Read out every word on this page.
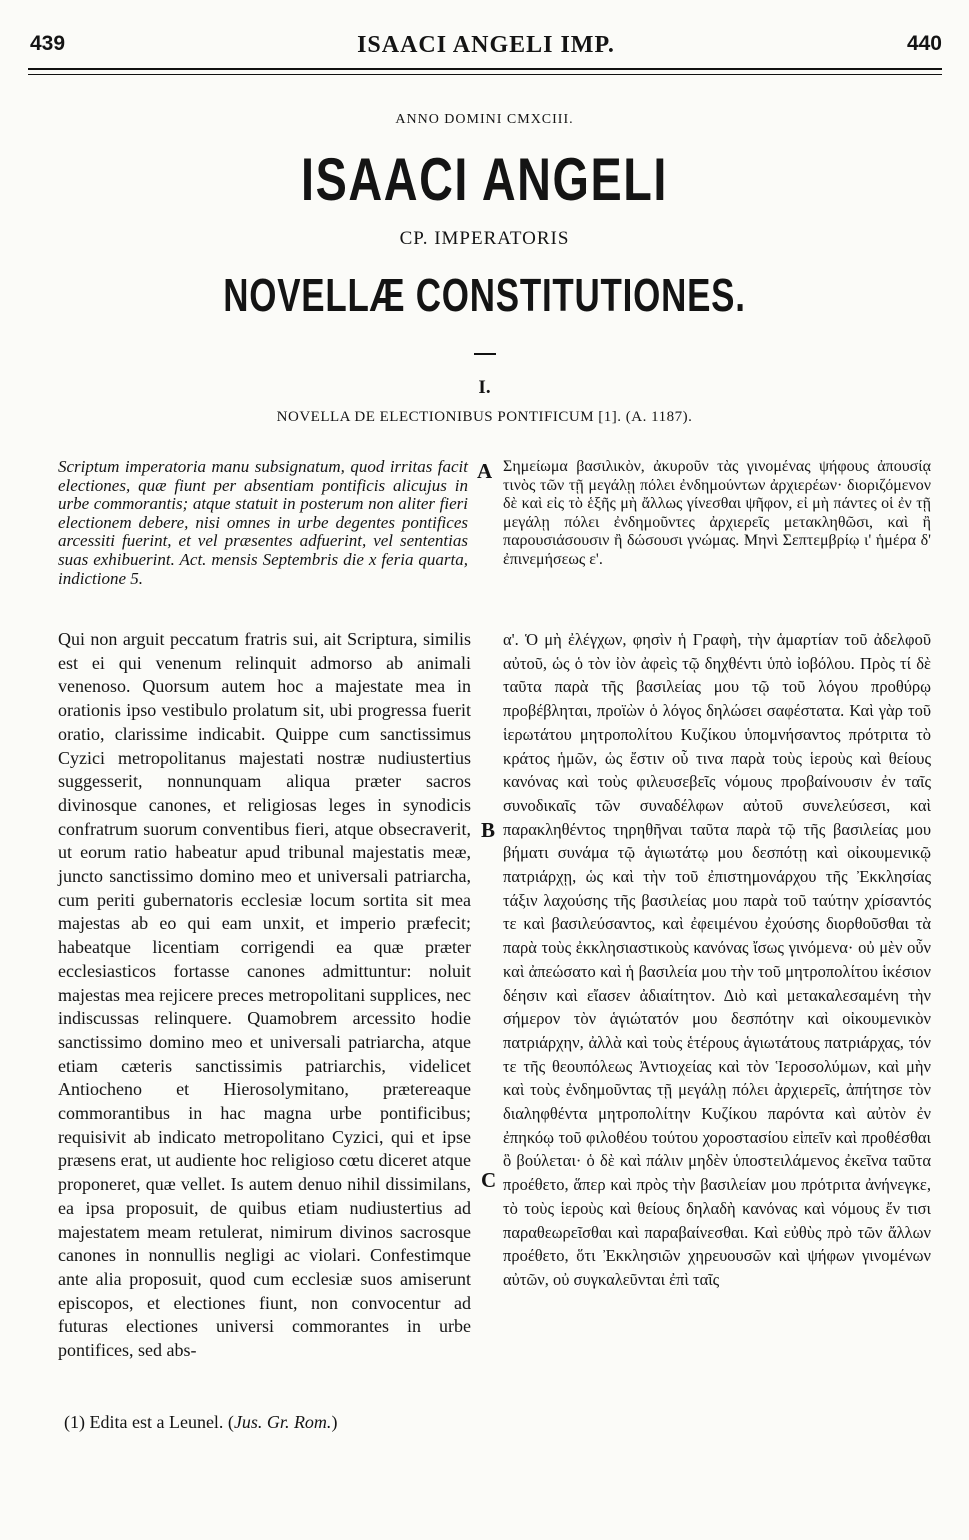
439	ISAACI ANGELI IMP.	440
ANNO DOMINI CMXCIII.
ISAACI ANGELI
CP. IMPERATORIS
NOVELLÆ CONSTITUTIONES.
I.
NOVELLA DE ELECTIONIBUS PONTIFICUM [1]. (A. 1187).
Scriptum imperatoria manu subsignatum, quod irritas facit electiones, quæ fiunt per absentiam pontificis alicujus in urbe commorantis; atque statuit in posterum non aliter fieri electionem debere, nisi omnes in urbe degentes pontifices arcessiti fuerint, et vel præsentes adfuerint, vel sententias suas exhibuerint. Act. mensis Septembris die x feria quarta, indictione 5.
A Σημείωμα βασιλικὸν, ἀκυροῦν τὰς γινομένας ψήφους ἀπουσίᾳ τινὸς τῶν τῇ μεγάλῃ πόλει ἐνδημούντων ἀρχιερέων· διοριζόμενον δὲ καὶ εἰς τὸ ἑξῆς μὴ ἄλλως γίνεσθαι ψῆφον, εἰ μὴ πάντες οἱ ἐν τῇ μεγάλῃ πόλει ἐνδημοῦντες ἀρχιερεῖς μετακληθῶσι, καὶ ἢ παρουσιάσουσιν ἢ δώσουσι γνώμας. Μηνὶ Σεπτεμβρίῳ ι' ἡμέρα δ' ἐπινεμήσεως ε'.
Qui non arguit peccatum fratris sui, ait Scriptura, similis est ei qui venenum relinquit admorso ab animali venenoso. Quorsum autem hoc a majestate mea in orationis ipso vestibulo prolatum sit, ubi progressa fuerit oratio, clarissime indicabit. Quippe cum sanctissimus Cyzici metropolitanus majestati nostræ nudiustertius suggesserit, nonnunquam aliqua præter sacros divinosque canones, et religiosas leges in synodicis confratrum suorum conventibus fieri, atque obsecraverit, ut eorum ratio habeatur apud tribunal majestatis meæ, juncto sanctissimo domino meo et universali patriarcha, cum periti gubernatoris ecclesiæ locum sortita sit mea majestas ab eo qui eam unxit, et imperio præfecit; habeatque licentiam corrigendi ea quæ præter ecclesiasticos fortasse canones admittuntur: noluit majestas mea rejicere preces metropolitani supplices, nec indiscussas relinquere. Quamobrem arcessito hodie sanctissimo domino meo et universali patriarcha, atque etiam cæteris sanctissimis patriarchis, videlicet Antiocheno et Hierosolymitano, prætereaque commorantibus in hac magna urbe pontificibus; requisivit ab indicato metropolitano Cyzici, qui et ipse præsens erat, ut audiente hoc religioso cœtu diceret atque proponeret, quæ vellet. Is autem denuo nihil dissimilans, ea ipsa proposuit, de quibus etiam nudiustertius ad majestatem meam retulerat, nimirum divinos sacrosque canones in nonnullis negligi ac violari. Confestimque ante alia proposuit, quod cum ecclesiæ suos amiserunt episcopos, et electiones fiunt, non convocentur ad futuras electiones universi commorantes in urbe pontifices, sed abs-
B
C
α'. Ὁ μὴ ἐλέγχων, φησὶν ἡ Γραφὴ, τὴν ἁμαρτίαν τοῦ ἀδελφοῦ αὐτοῦ, ὡς ὁ τὸν ἰὸν ἀφεὶς τῷ δηχθέντι ὑπὸ ἰοβόλου. Πρὸς τί δὲ ταῦτα παρὰ τῆς βασιλείας μου τῷ τοῦ λόγου προθύρῳ προβέβληται, προϊὼν ὁ λόγος δηλώσει σαφέστατα. Καὶ γὰρ τοῦ ἱερωτάτου μητροπολίτου Κυζίκου ὑπομνήσαντος πρότριτα τὸ κράτος ἡμῶν, ὡς ἔστιν οὗ τινα παρὰ τοὺς ἱεροὺς καὶ θείους κανόνας καὶ τοὺς φιλευσεβεῖς νόμους προβαίνουσιν ἐν ταῖς συνοδικαῖς τῶν συναδέλφων αὐτοῦ συνελεύσεσι, καὶ παρακληθέντος τηρηθῆναι ταῦτα παρὰ τῷ τῆς βασιλείας μου βήματι συνάμα τῷ ἁγιωτάτῳ μου δεσπότῃ καὶ οἰκουμενικῷ πατριάρχῃ, ὡς καὶ τὴν τοῦ ἐπιστημονάρχου τῆς Ἐκκλησίας τάξιν λαχούσης τῆς βασιλείας μου παρὰ τοῦ ταύτην χρίσαντός τε καὶ βασιλεύσαντος, καὶ ἐφειμένου ἐχούσης διορθοῦσθαι τὰ παρὰ τοὺς ἐκκλησιαστικοὺς κανόνας ἴσως γινόμενα· οὐ μὲν οὖν καὶ ἀπεώσατο καὶ ἡ βασιλεία μου τὴν τοῦ μητροπολίτου ἱκέσιον δέησιν καὶ εἴασεν ἀδιαίτητον. Διὸ καὶ μετακαλεσαμένη τὴν σήμερον τὸν ἁγιώτατόν μου δεσπότην καὶ οἰκουμενικὸν πατριάρχην, ἀλλὰ καὶ τοὺς ἑτέρους ἁγιωτάτους πατριάρχας, τόν τε τῆς θεουπόλεως Ἀντιοχείας καὶ τὸν Ἱεροσολύμων, καὶ μὴν καὶ τοὺς ἐνδημοῦντας τῇ μεγάλῃ πόλει ἀρχιερεῖς, ἀπήτησε τὸν διαληφθέντα μητροπολίτην Κυζίκου παρόντα καὶ αὐτὸν ἐν ἐπηκόῳ τοῦ φιλοθέου τούτου χοροστασίου εἰπεῖν καὶ προθέσθαι ὃ βούλεται· ὁ δὲ καὶ πάλιν μηδὲν ὑποστειλάμενος ἐκεῖνα ταῦτα προέθετο, ἅπερ καὶ πρὸς τὴν βασιλείαν μου πρότριτα ἀνήνεγκε, τὸ τοὺς ἱεροὺς καὶ θείους δηλαδὴ κανόνας καὶ νόμους ἔν τισι παραθεωρεῖσθαι καὶ παραβαίνεσθαι. Καὶ εὐθὺς πρὸ τῶν ἄλλων προέθετο, ὅτι Ἐκκλησιῶν χηρευουσῶν καὶ ψήφων γινομένων αὐτῶν, οὐ συγκαλεῦνται ἐπὶ ταῖς
(1) Edita est a Leunel. (Jus. Gr. Rom.)
